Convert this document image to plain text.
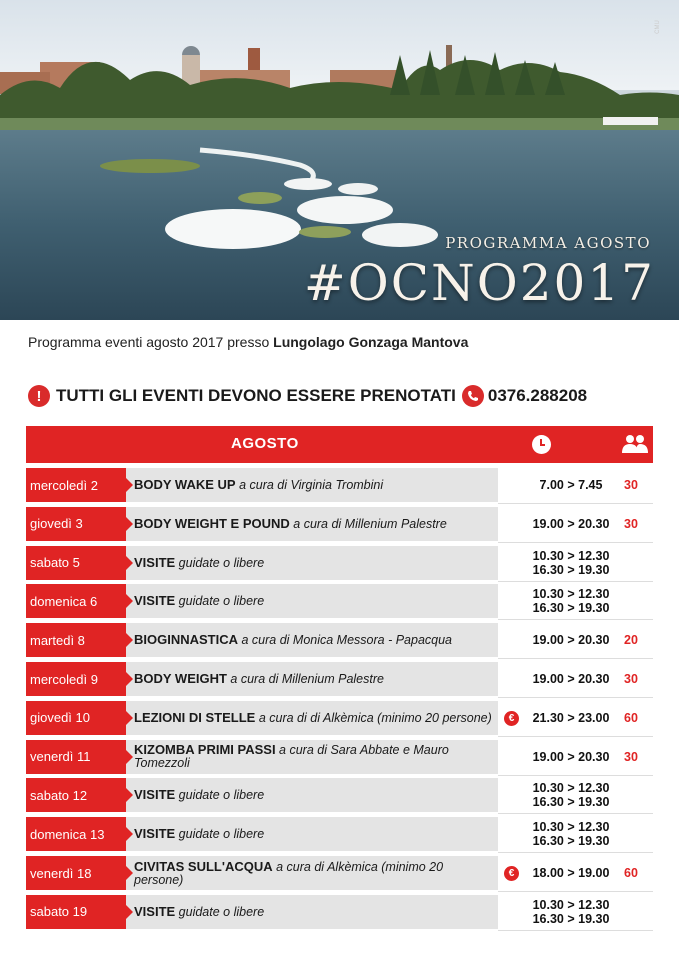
CMU
PROGRAMMA AGOSTO
#OCNO2017
Programma eventi agosto 2017 presso Lungolago Gonzaga Mantova
! TUTTI GLI EVENTI DEVONO ESSERE PRENOTATI 0376.288208
AGOSTO
mercoledì 2	BODY WAKE UP a cura di Virginia Trombini	7.00 > 7.45	30
giovedì 3	BODY WEIGHT E POUND a cura di Millenium Palestre	19.00 > 20.30	30
sabato 5	VISITE guidate o libere	10.30 > 12.30
16.30 > 19.30
domenica 6	VISITE guidate o libere	10.30 > 12.30
16.30 > 19.30
martedì 8	BIOGINNASTICA a cura di Monica Messora - Papacqua	19.00 > 20.30	20
mercoledì 9	BODY WEIGHT a cura di Millenium Palestre	19.00 > 20.30	30
giovedì 10	LEZIONI DI STELLE a cura di di Alkèmica (minimo 20 persone)	€	21.30 > 23.00	60
venerdì 11	KIZOMBA PRIMI PASSI a cura di Sara Abbate e Mauro Tomezzoli	19.00 > 20.30	30
sabato 12	VISITE guidate o libere	10.30 > 12.30
16.30 > 19.30
domenica 13	VISITE guidate o libere	10.30 > 12.30
16.30 > 19.30
venerdì 18	CIVITAS SULL'ACQUA a cura di Alkèmica (minimo 20 persone)	€	18.00 > 19.00	60
sabato 19	VISITE guidate o libere	10.30 > 12.30
16.30 > 19.30
